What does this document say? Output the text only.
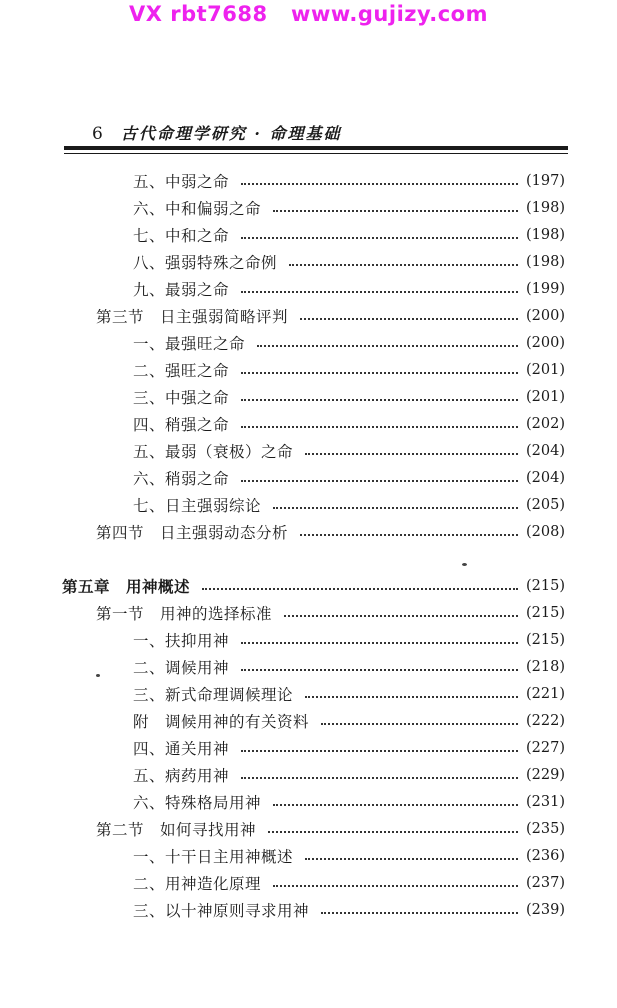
VX rbt7688   www.gujizy.com
6 古代命理学研究 · 命理基础
五、中弱之命	(197)
六、中和偏弱之命	(198)
七、中和之命	(198)
八、强弱特殊之命例	(198)
九、最弱之命	(199)
第三节　日主强弱简略评判	(200)
一、最强旺之命	(200)
二、强旺之命	(201)
三、中强之命	(201)
四、稍强之命	(202)
五、最弱（衰极）之命	(204)
六、稍弱之命	(204)
七、日主强弱综论	(205)
第四节　日主强弱动态分析	(208)
第五章　用神概述	(215)
第一节　用神的选择标准	(215)
一、扶抑用神	(215)
二、调候用神	(218)
三、新式命理调候理论	(221)
附　调候用神的有关资料	(222)
四、通关用神	(227)
五、病药用神	(229)
六、特殊格局用神	(231)
第二节　如何寻找用神	(235)
一、十干日主用神概述	(236)
二、用神造化原理	(237)
三、以十神原则寻求用神	(239)
